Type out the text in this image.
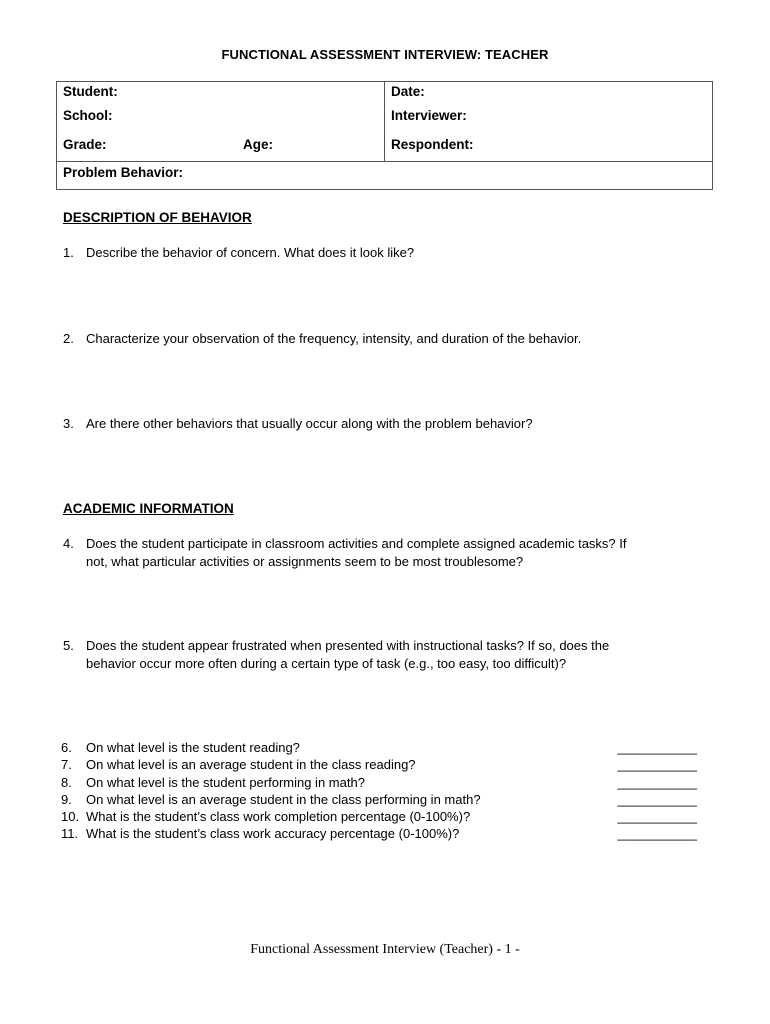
FUNCTIONAL ASSESSMENT INTERVIEW: TEACHER
Student:	Date:
School:	Interviewer:
Grade:	Age:	Respondent:
Problem Behavior:
DESCRIPTION OF BEHAVIOR
1. Describe the behavior of concern. What does it look like?
2. Characterize your observation of the frequency, intensity, and duration of the behavior.
3. Are there other behaviors that usually occur along with the problem behavior?
ACADEMIC INFORMATION
4. Does the student participate in classroom activities and complete assigned academic tasks? If
not, what particular activities or assignments seem to be most troublesome?
5. Does the student appear frustrated when presented with instructional tasks? If so, does the
behavior occur more often during a certain type of task (e.g., too easy, too difficult)?
6. On what level is the student reading?	___________
7. On what level is an average student in the class reading?	___________
8. On what level is the student performing in math?	___________
9. On what level is an average student in the class performing in math?	___________
10. What is the student’s class work completion percentage (0-100%)?	___________
11. What is the student’s class work accuracy percentage (0-100%)?	___________
Functional Assessment Interview (Teacher) - 1 -
